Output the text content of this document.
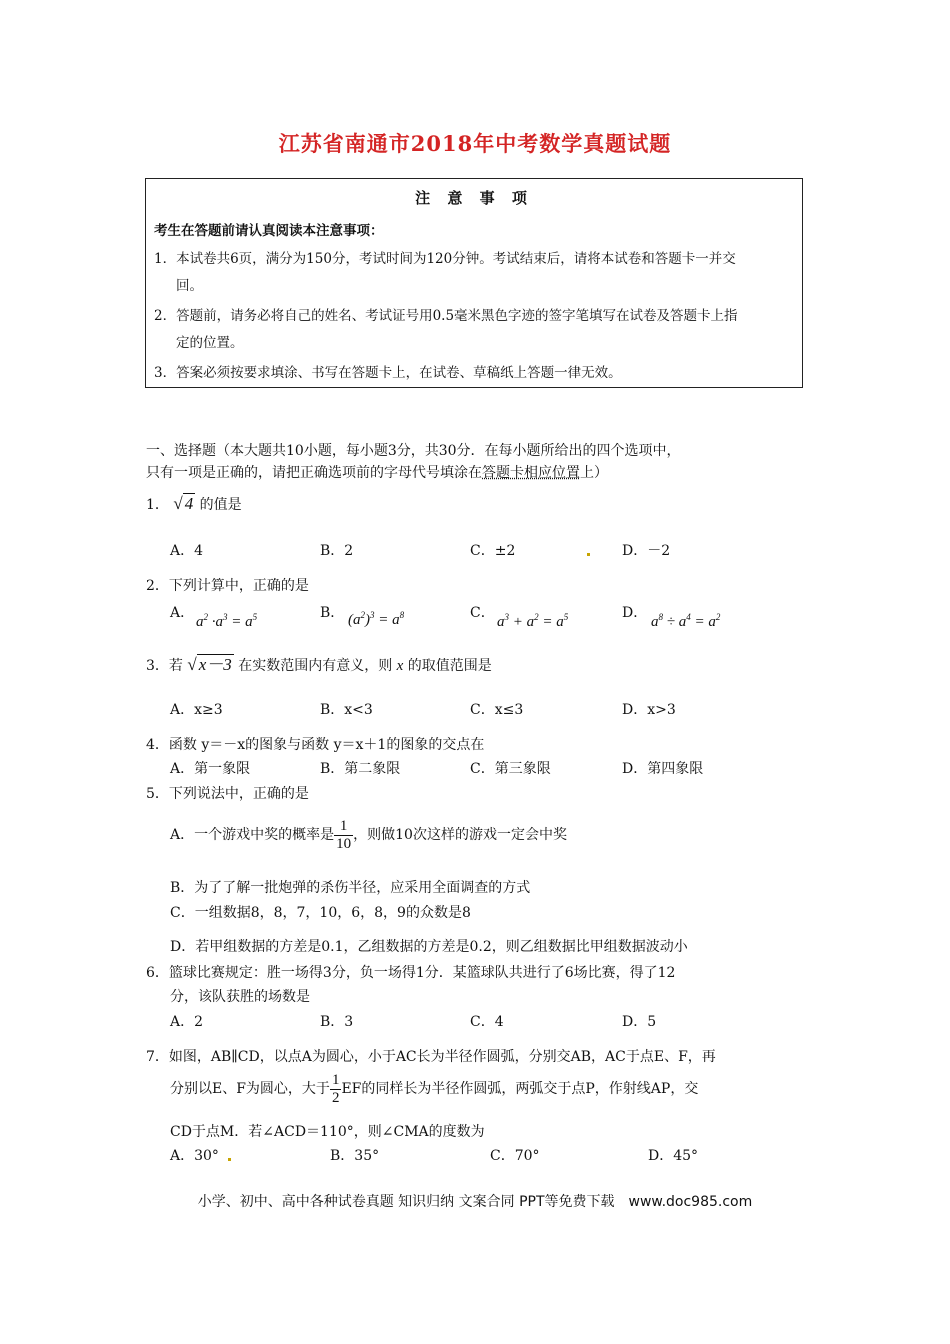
江苏省南通市2018年中考数学真题试题
注 意 事 项
考生在答题前请认真阅读本注意事项：
1．本试卷共6页，满分为150分，考试时间为120分钟。考试结束后，请将本试卷和答题卡一并交
回。
2．答题前，请务必将自己的姓名、考试证号用0.5毫米黑色字迹的签字笔填写在试卷及答题卡上指
定的位置。
3．答案必须按要求填涂、书写在答题卡上，在试卷、草稿纸上答题一律无效。
一、选择题（本大题共10小题，每小题3分，共30分．在每小题所给出的四个选项中，
只有一项是正确的，请把正确选项前的字母代号填涂在答题卡相应位置上）
1． √ 4 的值是
A．4	B．2	C．±2	D．－2
2．下列计算中，正确的是
A．
$a^2 \cdot a^3 = a^5$	B． $(a^2)^3 = a^8$	C．
$a^3 + a^2 = a^5$	D．
$a^8 \div a^4 = a^2$
3．若 √ x－3 在实数范围内有意义，则 x 的取值范围是
A．x≥3	B．x<3	C．x≤3	D．x>3
4．函数 y＝－x的图象与函数 y＝x＋1的图象的交点在
A．第一象限	B．第二象限	C．第三象限	D．第四象限
5．下列说法中，正确的是
A．一个游戏中奖的概率是 $\frac{1}{10}$ ，则做10次这样的游戏一定会中奖
B．为了了解一批炮弹的杀伤半径，应采用全面调查的方式
C．一组数据8，8，7，10，6，8，9的众数是8
D．若甲组数据的方差是0.1，乙组数据的方差是0.2，则乙组数据比甲组数据波动小
6．篮球比赛规定：胜一场得3分，负一场得1分．某篮球队共进行了6场比赛，得了12
分，该队获胜的场数是
A．2	B．3	C．4	D．5
7．如图，AB∥CD，以点A为圆心，小于AC长为半径作圆弧，分别交AB，AC于点E、F，再
分别以E、F为圆心，大于 $\frac{1}{2}$ EF的同样长为半径作圆弧，两弧交于点P，作射线AP，交
CD于点M．若∠ACD＝110°，则∠CMA的度数为
A．30°	B．35°	C．70°	D．45°
小学、初中、高中各种试卷真题 知识归纳 文案合同 PPT等免费下载　www.doc985.com
